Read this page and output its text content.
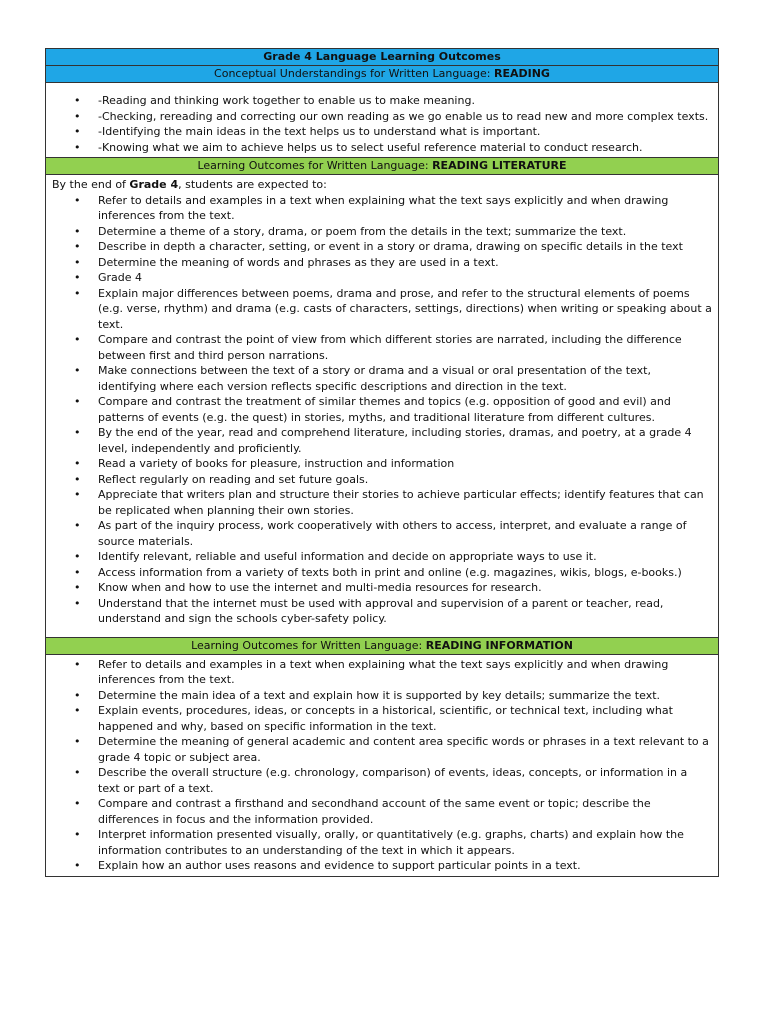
Grade 4 Language Learning Outcomes
Conceptual Understandings for Written Language: READING
• -Reading and thinking work together to enable us to make meaning.
• -Checking, rereading and correcting our own reading as we go enable us to read new and more complex texts.
• -Identifying the main ideas in the text helps us to understand what is important.
• -Knowing what we aim to achieve helps us to select useful reference material to conduct research.
Learning Outcomes for Written Language: READING LITERATURE

By the end of Grade 4, students are expected to:

• Refer to details and examples in a text when explaining what the text says explicitly and when drawing inferences from the text.
• Determine a theme of a story, drama, or poem from the details in the text; summarize the text.
• Describe in depth a character, setting, or event in a story or drama, drawing on specific details in the text
• Determine the meaning of words and phrases as they are used in a text.
• Grade 4
• Explain major differences between poems, drama and prose, and refer to the structural elements of poems (e.g. verse, rhythm) and drama (e.g. casts of characters, settings, directions) when writing or speaking about a text.
• Compare and contrast the point of view from which different stories are narrated, including the difference between first and third person narrations.
• Make connections between the text of a story or drama and a visual or oral presentation of the text, identifying where each version reflects specific descriptions and direction in the text.
• Compare and contrast the treatment of similar themes and topics (e.g. opposition of good and evil) and patterns of events (e.g. the quest) in stories, myths, and traditional literature from different cultures.
• By the end of the year, read and comprehend literature, including stories, dramas, and poetry, at a grade 4 level, independently and proficiently.
• Read a variety of books for pleasure, instruction and information
• Reflect regularly on reading and set future goals.
• Appreciate that writers plan and structure their stories to achieve particular effects; identify features that can be replicated when planning their own stories.
• As part of the inquiry process, work cooperatively with others to access, interpret, and evaluate a range of source materials.
• Identify relevant, reliable and useful information and decide on appropriate ways to use it.
• Access information from a variety of texts both in print and online (e.g. magazines, wikis, blogs, e-books.)
• Know when and how to use the internet and multi-media resources for research.
• Understand that the internet must be used with approval and supervision of a parent or teacher, read, understand and sign the schools cyber-safety policy.
Learning Outcomes for Written Language: READING INFORMATION
• Refer to details and examples in a text when explaining what the text says explicitly and when drawing inferences from the text.
• Determine the main idea of a text and explain how it is supported by key details; summarize the text.
• Explain events, procedures, ideas, or concepts in a historical, scientific, or technical text, including what happened and why, based on specific information in the text.
• Determine the meaning of general academic and content area specific words or phrases in a text relevant to a grade 4 topic or subject area.
• Describe the overall structure (e.g. chronology, comparison) of events, ideas, concepts, or information in a text or part of a text.
• Compare and contrast a firsthand and secondhand account of the same event or topic; describe the differences in focus and the information provided.
• Interpret information presented visually, orally, or quantitatively (e.g. graphs, charts) and explain how the information contributes to an understanding of the text in which it appears.
• Explain how an author uses reasons and evidence to support particular points in a text.
